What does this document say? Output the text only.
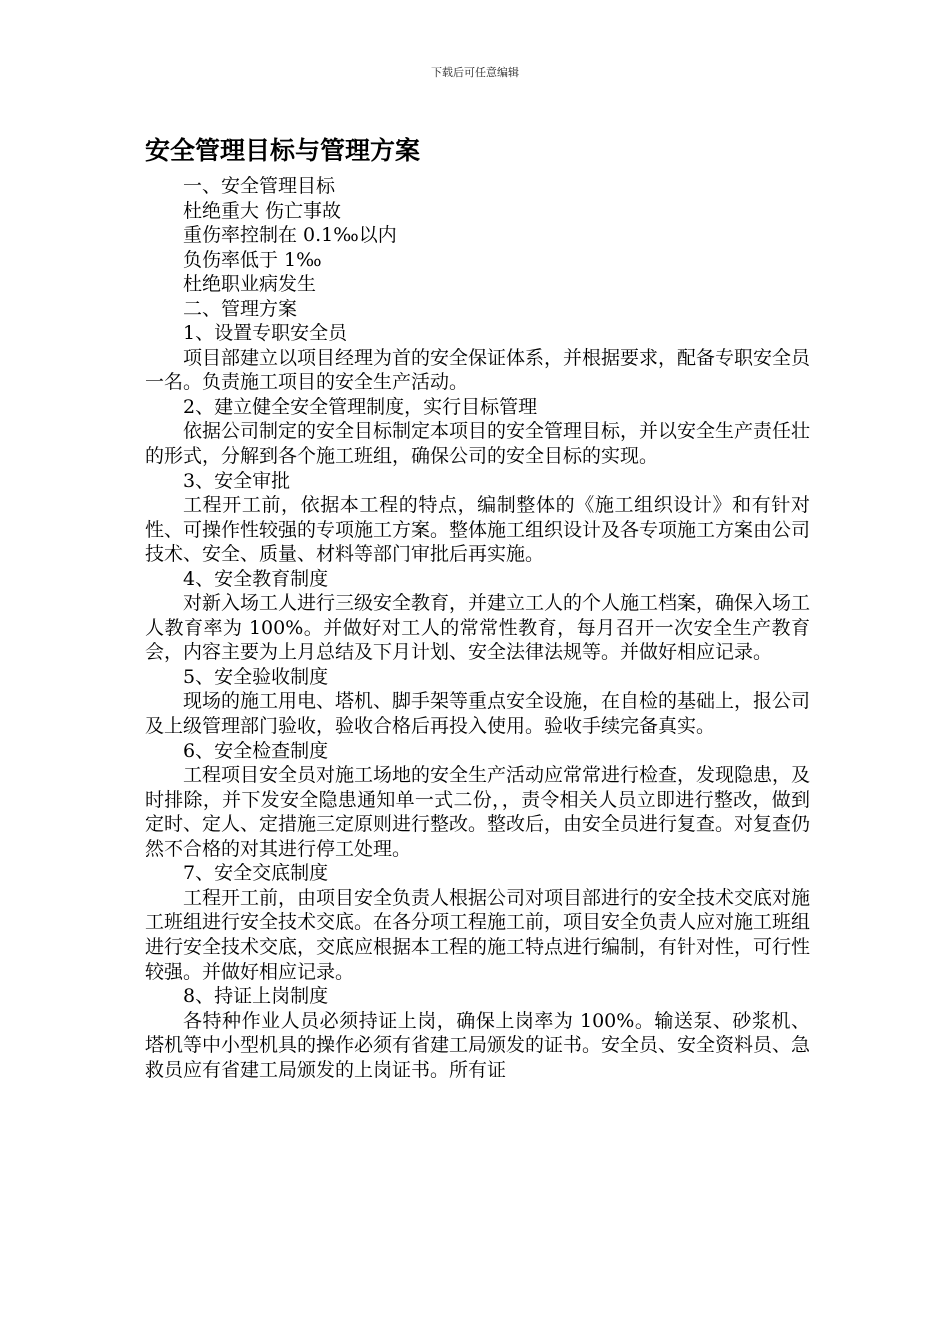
下载后可任意编辑
安全管理目标与管理方案

一、安全管理目标

杜绝重大 伤亡事故

重伤率控制在 0.1‰以内

负伤率低于 1‰

杜绝职业病发生

二、管理方案

1、设置专职安全员

项目部建立以项目经理为首的安全保证体系，并根据要求，配备专职安全员一名。负责施工项目的安全生产活动。

2、建立健全安全管理制度，实行目标管理

依据公司制定的安全目标制定本项目的安全管理目标，并以安全生产责任壮的形式，分解到各个施工班组，确保公司的安全目标的实现。

3、安全审批

工程开工前，依据本工程的特点，编制整体的《施工组织设计》和有针对性、可操作性较强的专项施工方案。整体施工组织设计及各专项施工方案由公司技术、安全、质量、材料等部门审批后再实施。

4、安全教育制度

对新入场工人进行三级安全教育，并建立工人的个人施工档案，确保入场工人教育率为 100%。并做好对工人的常常性教育，每月召开一次安全生产教育会，内容主要为上月总结及下月计划、安全法律法规等。并做好相应记录。

5、安全验收制度

现场的施工用电、塔机、脚手架等重点安全设施，在自检的基础上，报公司及上级管理部门验收，验收合格后再投入使用。验收手续完备真实。

6、安全检查制度

工程项目安全员对施工场地的安全生产活动应常常进行检查，发现隐患，及时排除，并下发安全隐患通知单一式二份，，责令相关人员立即进行整改，做到定时、定人、定措施三定原则进行整改。整改后，由安全员进行复查。对复查仍然不合格的对其进行停工处理。

7、安全交底制度

工程开工前，由项目安全负责人根据公司对项目部进行的安全技术交底对施工班组进行安全技术交底。在各分项工程施工前，项目安全负责人应对施工班组进行安全技术交底，交底应根据本工程的施工特点进行编制，有针对性，可行性较强。并做好相应记录。

8、持证上岗制度

各特种作业人员必须持证上岗，确保上岗率为 100%。输送泵、砂浆机、塔机等中小型机具的操作必须有省建工局颁发的证书。安全员、安全资料员、急救员应有省建工局颁发的上岗证书。所有证
